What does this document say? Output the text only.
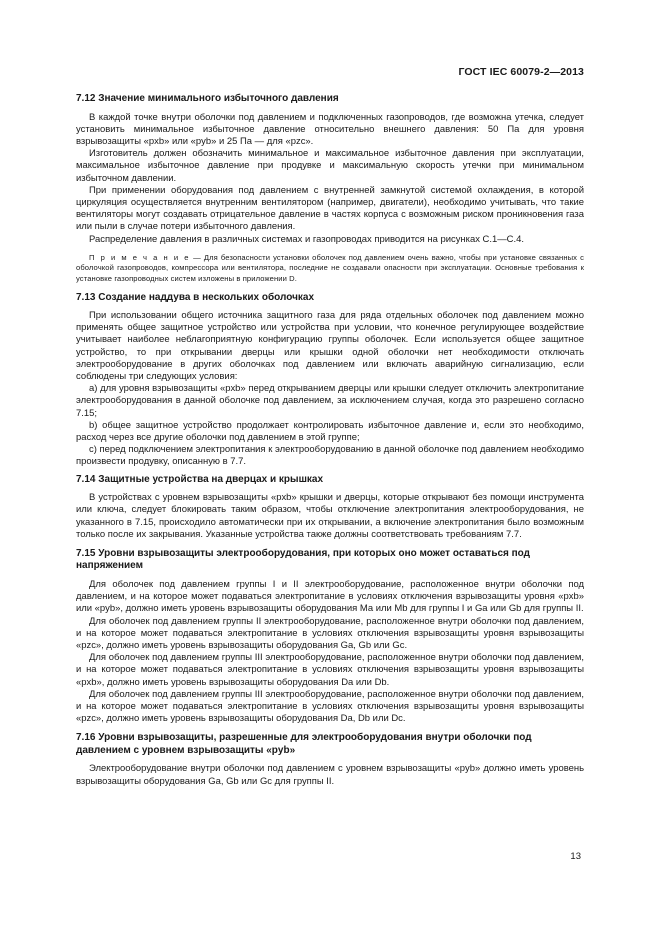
ГОСТ IEC 60079-2—2013
7.12 Значение минимального избыточного давления

В каждой точке внутри оболочки под давлением и подключенных газопроводов, где возможна утечка, следует установить минимальное избыточное давление относительно внешнего давления: 50 Па для уровня взрывозащиты «pxb» или «pyb» и 25 Па — для «pzc».

Изготовитель должен обозначить минимальное и максимальное избыточное давления при эксплуатации, максимальное избыточное давление при продувке и максимальную скорость утечки при минимальном избыточном давлении.

При применении оборудования под давлением с внутренней замкнутой системой охлаждения, в которой циркуляция осуществляется внутренним вентилятором (например, двигатели), необходимо учитывать, что такие вентиляторы могут создавать отрицательное давление в частях корпуса с возможным риском проникновения газа или пыли в случае потери избыточного давления.

Распределение давления в различных системах и газопроводах приводится на рисунках С.1—С.4.

П р и м е ч а н и е — Для безопасности установки оболочек под давлением очень важно, чтобы при установке связанных с оболочкой газопроводов, компрессора или вентилятора, последние не создавали опасности при эксплуатации. Основные требования к установке газопроводных систем изложены в приложении D.

7.13 Создание наддува в нескольких оболочках

При использовании общего источника защитного газа для ряда отдельных оболочек под давлением можно применять общее защитное устройство или устройства при условии, что конечное регулирующее воздействие учитывает наиболее неблагоприятную конфигурацию группы оболочек. Если используется общее защитное устройство, то при открывании дверцы или крышки одной оболочки нет необходимости отключать электрооборудование в других оболочках под давлением или включать аварийную сигнализацию, если соблюдены три следующих условия:

а) для уровня взрывозащиты «pxb» перед открыванием дверцы или крышки следует отключить электропитание электрооборудования в данной оболочке под давлением, за исключением случая, когда это разрешено согласно 7.15;

b) общее защитное устройство продолжает контролировать избыточное давление и, если это необходимо, расход через все другие оболочки под давлением в этой группе;

с) перед подключением электропитания к электрооборудованию в данной оболочке под давлением необходимо произвести продувку, описанную в 7.7.

7.14 Защитные устройства на дверцах и крышках

В устройствах с уровнем взрывозащиты «pxb» крышки и дверцы, которые открывают без помощи инструмента или ключа, следует блокировать таким образом, чтобы отключение электропитания электрооборудования, не указанного в 7.15, происходило автоматически при их открывании, а включение электропитания было возможным только после их закрывания. Указанные устройства также должны соответствовать требованиям 7.7.

7.15 Уровни взрывозащиты электрооборудования, при которых оно может оставаться под напряжением

Для оболочек под давлением группы I и II электрооборудование, расположенное внутри оболочки под давлением, и на которое может подаваться электропитание в условиях отключения взрывозащиты уровня «pxb» или «pyb», должно иметь уровень взрывозащиты оборудования Ма или Mb для группы I и Ga или Gb для группы II.

Для оболочек под давлением группы II электрооборудование, расположенное внутри оболочки под давлением, и на которое может подаваться электропитание в условиях отключения взрывозащиты уровня взрывозащиты «pzc», должно иметь уровень взрывозащиты оборудования Ga, Gb или Gc.

Для оболочек под давлением группы III электрооборудование, расположенное внутри оболочки под давлением, и на которое может подаваться электропитание в условиях отключения взрывозащиты уровня взрывозащиты «pxb», должно иметь уровень взрывозащиты оборудования Da или Db.

Для оболочек под давлением группы III электрооборудование, расположенное внутри оболочки под давлением, и на которое может подаваться электропитание в условиях отключения взрывозащиты уровня взрывозащиты «pzc», должно иметь уровень взрывозащиты оборудования Da, Db или Dc.

7.16 Уровни взрывозащиты, разрешенные для электрооборудования внутри оболочки под давлением с уровнем взрывозащиты «pyb»

Электрооборудование внутри оболочки под давлением с уровнем взрывозащиты «pyb» должно иметь уровень взрывозащиты оборудования Ga, Gb или Gc для группы II.

13
